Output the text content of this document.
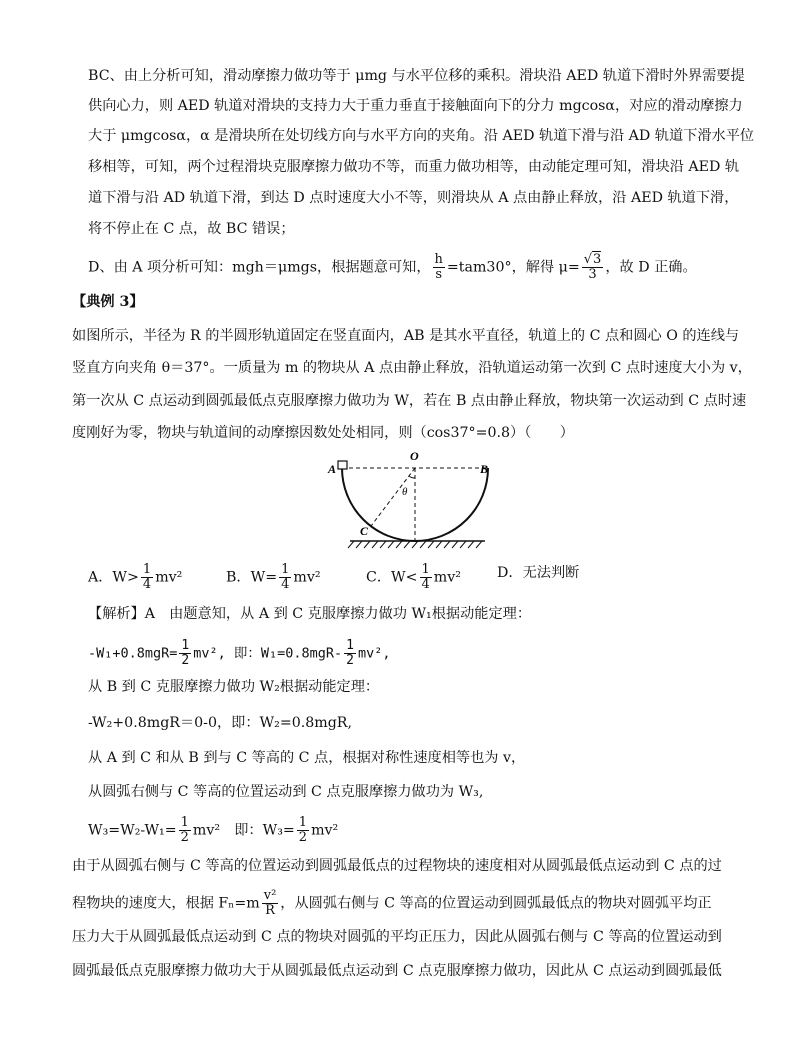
BC、由上分析可知，滑动摩擦力做功等于 μmg 与水平位移的乘积。滑块沿 AED 轨道下滑时外界需要提
供向心力，则 AED 轨道对滑块的支持力大于重力垂直于接触面向下的分力 mgcosα，对应的滑动摩擦力
大于 μmgcosα，α 是滑块所在处切线方向与水平方向的夹角。沿 AED 轨道下滑与沿 AD 轨道下滑水平位
移相等，可知，两个过程滑块克服摩擦力做功不等，而重力做功相等，由动能定理可知，滑块沿 AED 轨
道下滑与沿 AD 轨道下滑，到达 D 点时速度大小不等，则滑块从 A 点由静止释放，沿 AED 轨道下滑，
将不停止在 C 点，故 BC 错误；
D、由 A 项分析可知：mgh＝μmgs，根据题意可知， $\frac{h}{s} =tam30^\circ$，解得 $\mu= \frac{√3}{3}$ ，故 D 正确。
【典例 3】
如图所示，半径为 R 的半圆形轨道固定在竖直面内，AB 是其水平直径，轨道上的 C 点和圆心 O 的连线与
竖直方向夹角 θ＝37°。一质量为 m 的物块从 A 点由静止释放，沿轨道运动第一次到 C 点时速度大小为 v，
第一次从 C 点运动到圆弧最低点克服摩擦力做功为 W，若在 B 点由静止释放，物块第一次运动到 C 点时速
度刚好为零，物块与轨道间的动摩擦因数处处相同，则（cos37°=0.8）（　　）
A
O
B
C
θ
A．$W> \frac{1}{4} mv^2$	B．$W= \frac{1}{4} mv^2$	C．$W< \frac{1}{4} mv^2$	D．无法判断
【解析】A　由题意知，从 A 到 C 克服摩擦力做功 W₁根据动能定理：
$-W_1+0.8mgR= \frac{1}{2} mv^2$, 即：$W_1=0.8mgR- \frac{1}{2} mv^2$,
从 B 到 C 克服摩擦力做功 W₂根据动能定理：
-W₂+0.8mgR＝0-0，即：W₂=0.8mgR,
从 A 到 C 和从 B 到与 C 等高的 C 点，根据对称性速度相等也为 v，
从圆弧右侧与 C 等高的位置运动到 C 点克服摩擦力做功为 W₃,
$W_3=W_2-W_1= \frac{1}{2} mv^2$　即：$W_3= \frac{1}{2} mv^2$
由于从圆弧右侧与 C 等高的位置运动到圆弧最低点的过程物块的速度相对从圆弧最低点运动到 C 点的过
程物块的速度大，根据 $F_n=m \frac{\text{v²}}{R}$ ，从圆弧右侧与 C 等高的位置运动到圆弧最低点的物块对圆弧平均正
压力大于从圆弧最低点运动到 C 点的物块对圆弧的平均正压力，因此从圆弧右侧与 C 等高的位置运动到
圆弧最低点克服摩擦力做功大于从圆弧最低点运动到 C 点克服摩擦力做功，因此从 C 点运动到圆弧最低
